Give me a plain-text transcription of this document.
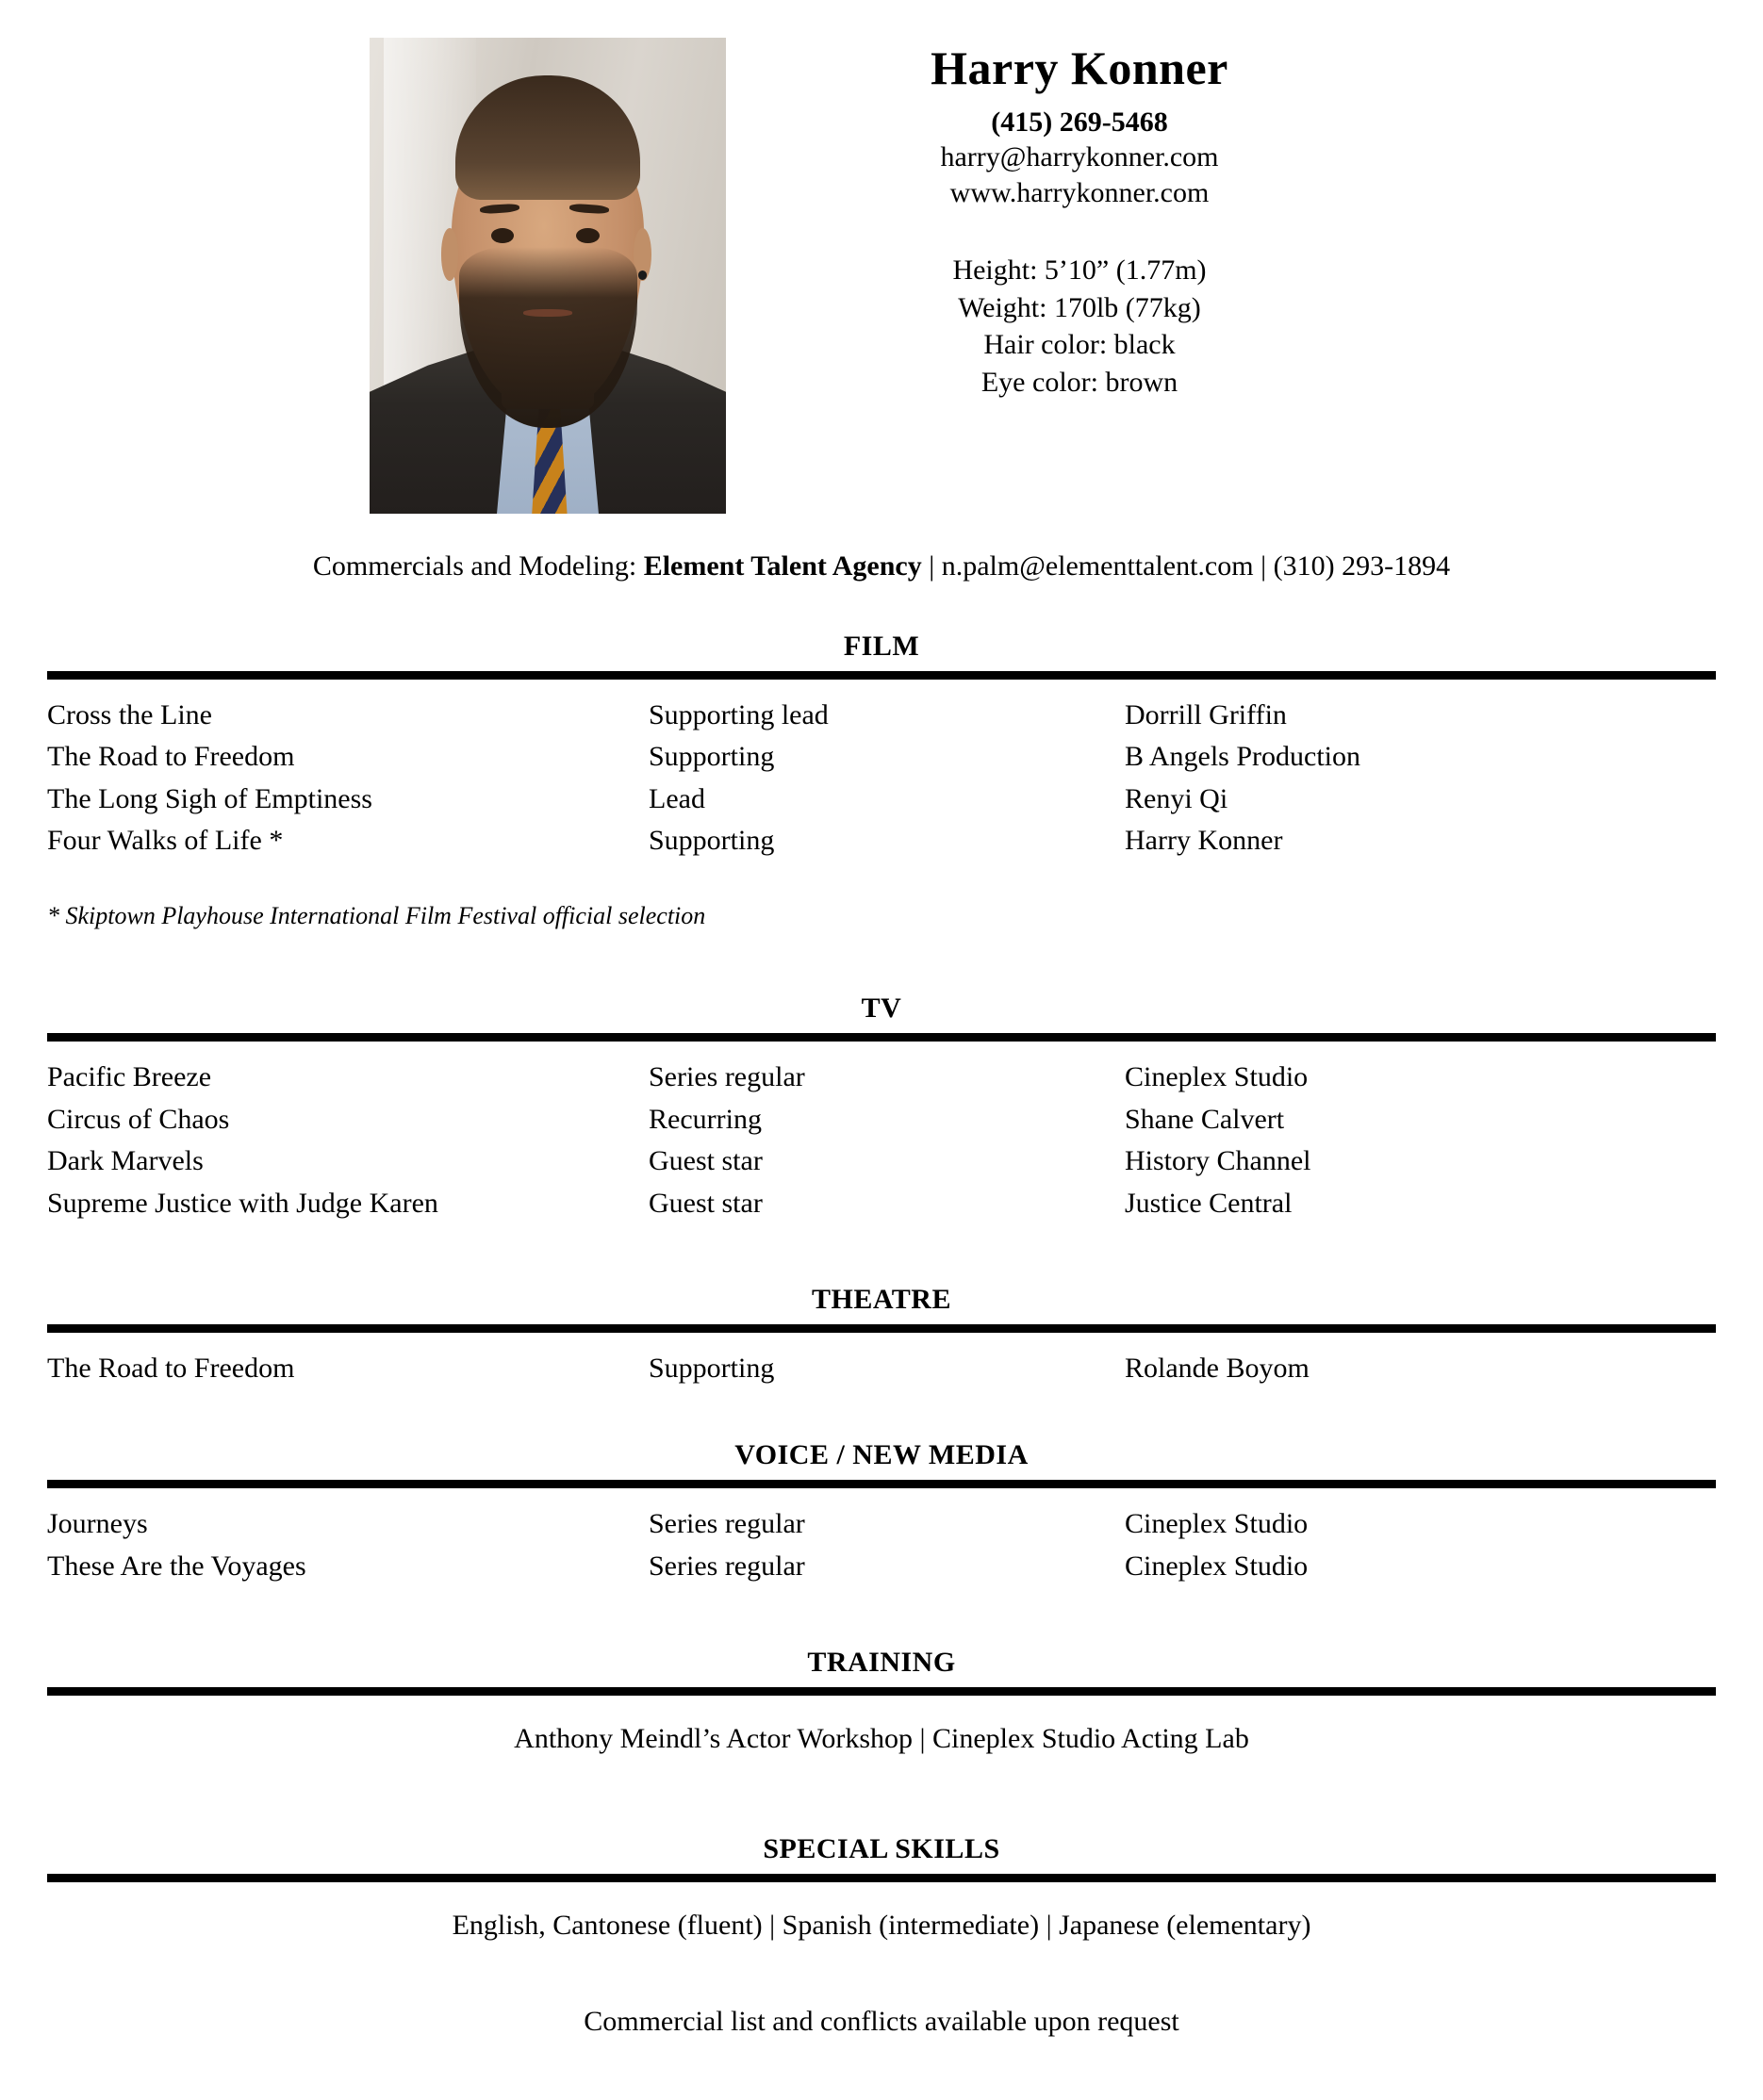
Harry Konner
(415) 269-5468
harry@harrykonner.com
www.harrykonner.com
Height: 5’10” (1.77m)
Weight: 170lb (77kg)
Hair color: black
Eye color: brown
Commercials and Modeling: Element Talent Agency | n.palm@elementtalent.com | (310) 293-1894
FILM
Cross the Line	Supporting lead	Dorrill Griffin
The Road to Freedom	Supporting	B Angels Production
The Long Sigh of Emptiness	Lead	Renyi Qi
Four Walks of Life *	Supporting	Harry Konner
* Skiptown Playhouse International Film Festival official selection
TV
Pacific Breeze	Series regular	Cineplex Studio
Circus of Chaos	Recurring	Shane Calvert
Dark Marvels	Guest star	History Channel
Supreme Justice with Judge Karen	Guest star	Justice Central
THEATRE
The Road to Freedom	Supporting	Rolande Boyom
VOICE / NEW MEDIA
Journeys	Series regular	Cineplex Studio
These Are the Voyages	Series regular	Cineplex Studio
TRAINING
Anthony Meindl’s Actor Workshop | Cineplex Studio Acting Lab
SPECIAL SKILLS
English, Cantonese (fluent) | Spanish (intermediate) | Japanese (elementary)
Commercial list and conflicts available upon request
